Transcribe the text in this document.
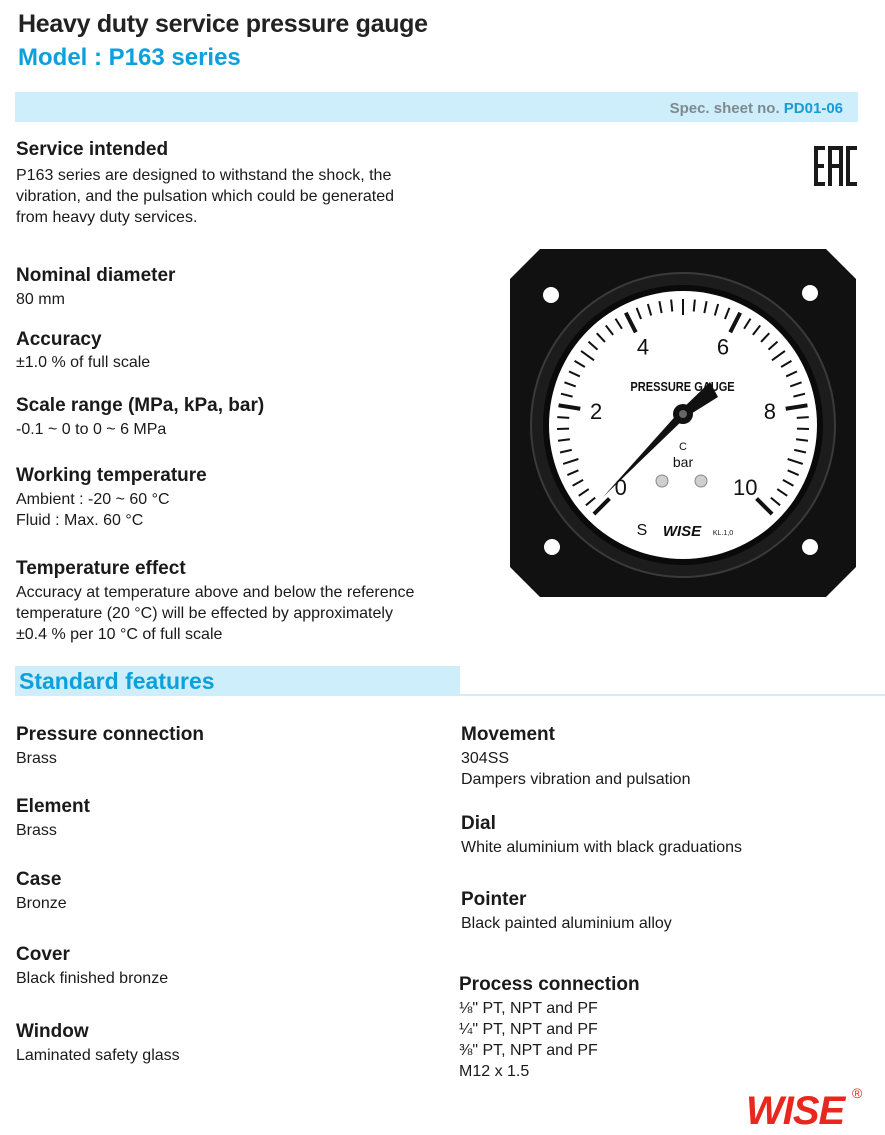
Heavy duty service pressure gauge
Model : P163 series
Spec. sheet no. PD01-06
Service intended
P163 series are designed to withstand the shock, the
vibration, and the pulsation which could be generated
from heavy duty services.
Nominal diameter
80 mm
Accuracy
±1.0 % of full scale
Scale range (MPa, kPa, bar)
-0.1 ~ 0 to 0 ~ 6 MPa
Working temperature
Ambient : -20 ~ 60 °C
Fluid : Max. 60 °C
Temperature effect
Accuracy at temperature above and below the reference
temperature (20 °C) will be effected by approximately
±0.4 % per 10 °C of full scale
0
2
4	6
8
10
PRESSURE GAUGE
bar
C
S WISE KL.1,0
Standard features
Pressure connection
Brass
Element
Brass
Case
Bronze
Cover
Black finished bronze
Window
Laminated safety glass
Movement
304SS
Dampers vibration and pulsation
Dial
White aluminium with black graduations
Pointer
Black painted aluminium alloy
Process connection
⅛" PT, NPT and PF
¼" PT, NPT and PF
⅜" PT, NPT and PF
M12 x 1.5
WISE ®
